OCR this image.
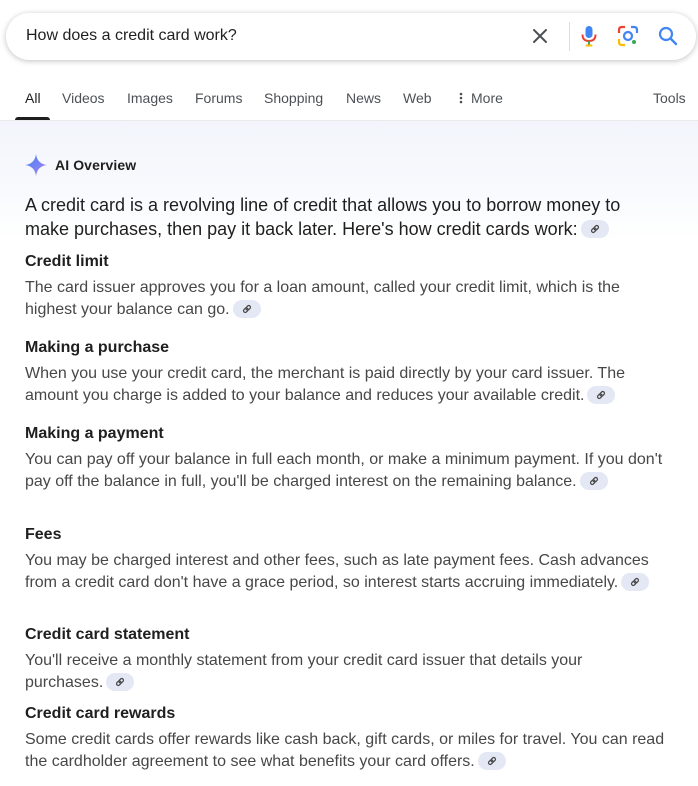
How does a credit card work?
All Videos Images Forums Shopping News Web	More	Tools
AI Overview
A credit card is a revolving line of credit that allows you to borrow money to make purchases, then pay it back later. Here's how credit cards work:
Credit limit
The card issuer approves you for a loan amount, called your credit limit, which is the highest your balance can go.
Making a purchase
When you use your credit card, the merchant is paid directly by your card issuer. The amount you charge is added to your balance and reduces your available credit.
Making a payment
You can pay off your balance in full each month, or make a minimum payment. If you don't pay off the balance in full, you'll be charged interest on the remaining balance.
Fees
You may be charged interest and other fees, such as late payment fees. Cash advances from a credit card don't have a grace period, so interest starts accruing immediately.
Credit card statement
You'll receive a monthly statement from your credit card issuer that details your purchases.
Credit card rewards
Some credit cards offer rewards like cash back, gift cards, or miles for travel. You can read the cardholder agreement to see what benefits your card offers.
